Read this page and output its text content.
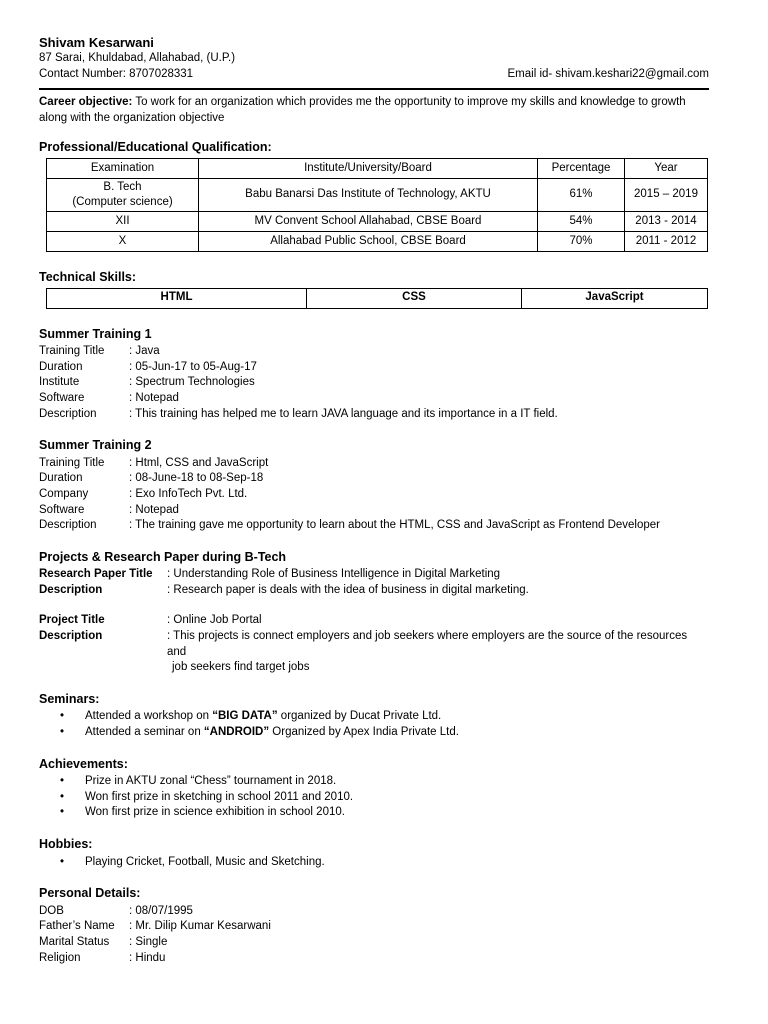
Shivam Kesarwani
87 Sarai, Khuldabad, Allahabad, (U.P.)
Contact Number: 8707028331	Email id- shivam.keshari22@gmail.com
Career objective: To work for an organization which provides me the opportunity to improve my skills and knowledge to growth along with the organization objective
Professional/Educational Qualification:
Examination	Institute/University/Board	Percentage	Year

B. Tech
(Computer science)	Babu Banarsi Das Institute of Technology, AKTU	61%	2015 – 2019
XII	MV Convent School Allahabad, CBSE Board	54%	2013 - 2014
X	Allahabad Public School, CBSE Board	70%	2011 - 2012
Technical Skills:
HTML	CSS	JavaScript
Summer Training 1
Training Title	: Java
Duration	: 05-Jun-17 to 05-Aug-17
Institute	: Spectrum Technologies
Software	: Notepad
Description	: This training has helped me to learn JAVA language and its importance in a IT field.
Summer Training 2
Training Title	: Html, CSS and JavaScript
Duration	: 08-June-18 to 08-Sep-18
Company	: Exo InfoTech Pvt. Ltd.
Software	: Notepad
Description	: The training gave me opportunity to learn about the HTML, CSS and JavaScript as Frontend Developer
Projects & Research Paper during B-Tech
Research Paper Title	: Understanding Role of Business Intelligence in Digital Marketing
Description	: Research paper is deals with the idea of business in digital marketing.
Project Title	: Online Job Portal
Description	: This projects is connect employers and job seekers where employers are the source of the resources and
job seekers find target jobs
Seminars:
•	Attended a workshop on “BIG DATA” organized by Ducat Private Ltd.
•	Attended a seminar on “ANDROID” Organized by Apex India Private Ltd.
Achievements:
•	Prize in AKTU zonal “Chess” tournament in 2018.
•	Won first prize in sketching in school 2011 and 2010.
•	Won first prize in science exhibition in school 2010.
Hobbies:
•	Playing Cricket, Football, Music and Sketching.
Personal Details:
DOB	: 08/07/1995
Father’s Name	: Mr. Dilip Kumar Kesarwani
Marital Status	: Single
Religion	: Hindu
